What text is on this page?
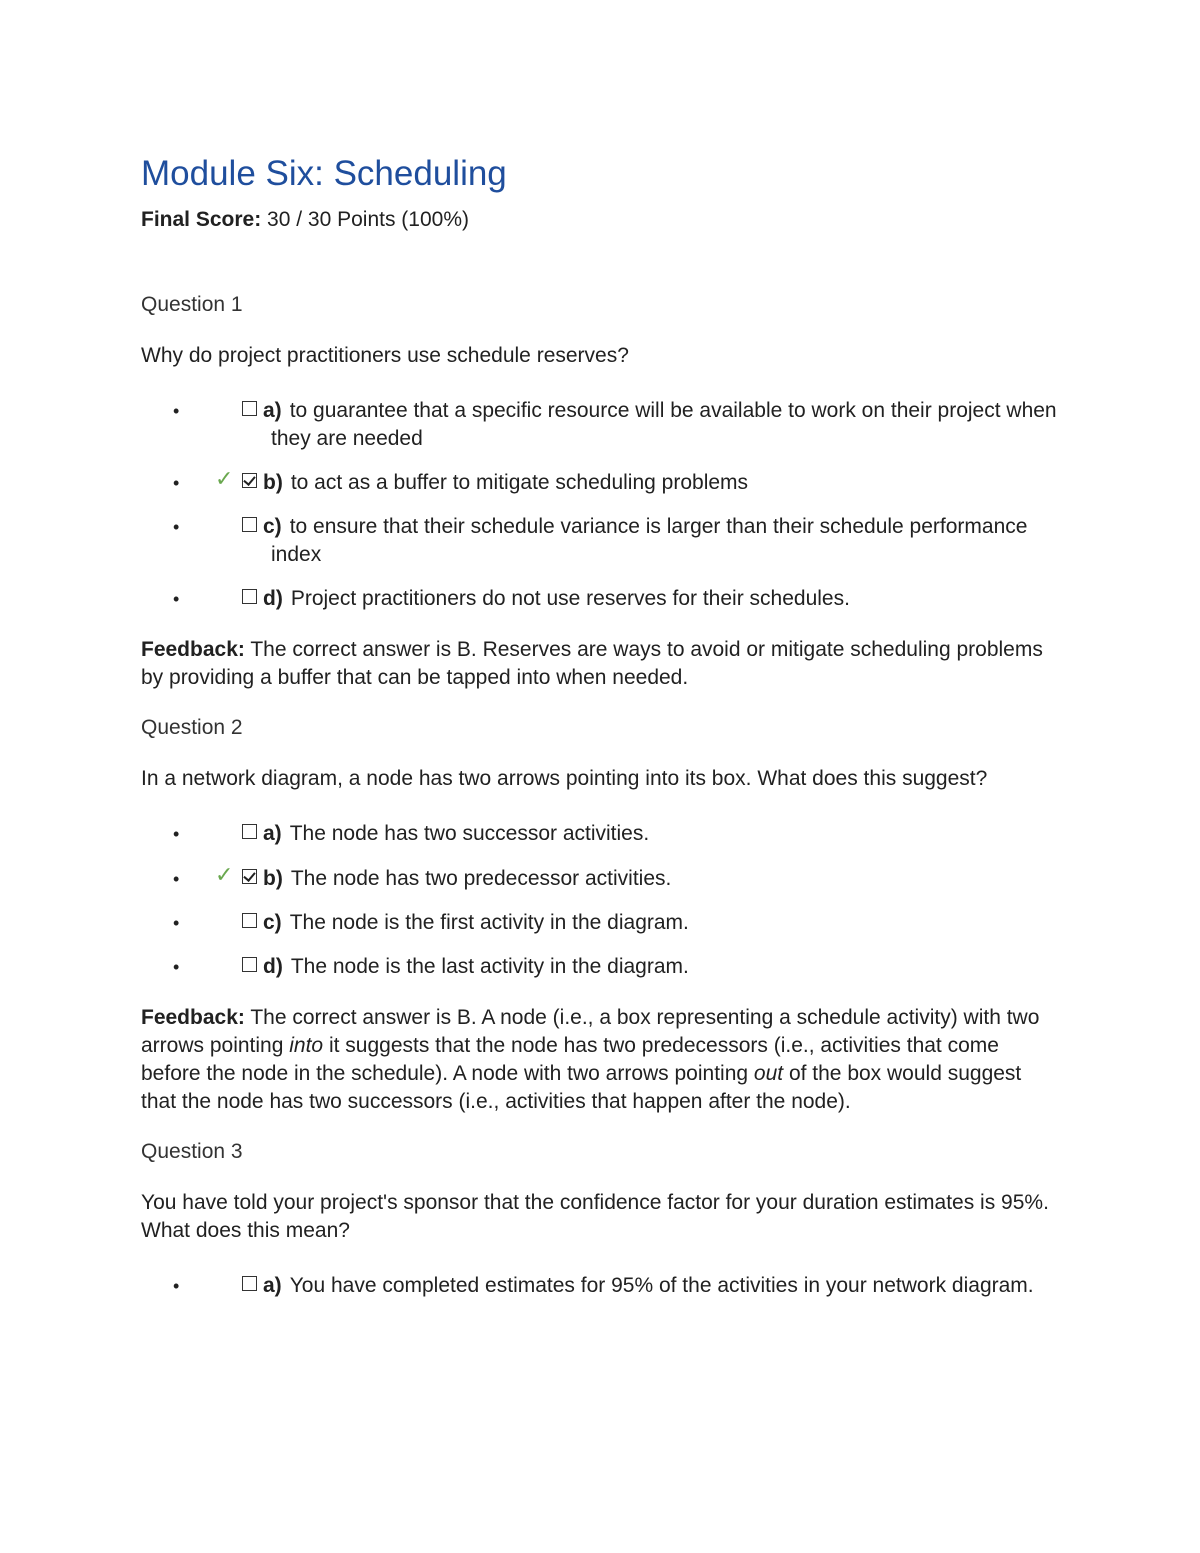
Module Six: Scheduling
Final Score: 30 / 30 Points (100%)
Question 1
Why do project practitioners use schedule reserves?
•	a) to guarantee that a specific resource will be available to work on their project when they are needed
• ✓ b) to act as a buffer to mitigate scheduling problems
•	c) to ensure that their schedule variance is larger than their schedule performance index
•	d) Project practitioners do not use reserves for their schedules.
Feedback: The correct answer is B. Reserves are ways to avoid or mitigate scheduling problems by providing a buffer that can be tapped into when needed.
Question 2
In a network diagram, a node has two arrows pointing into its box. What does this suggest?
•	a) The node has two successor activities.
• ✓ b) The node has two predecessor activities.
•	c) The node is the first activity in the diagram.
•	d) The node is the last activity in the diagram.
Feedback: The correct answer is B. A node (i.e., a box representing a schedule activity) with two arrows pointing into it suggests that the node has two predecessors (i.e., activities that come before the node in the schedule). A node with two arrows pointing out of the box would suggest that the node has two successors (i.e., activities that happen after the node).
Question 3
You have told your project's sponsor that the confidence factor for your duration estimates is 95%. What does this mean?
•	a) You have completed estimates for 95% of the activities in your network diagram.
